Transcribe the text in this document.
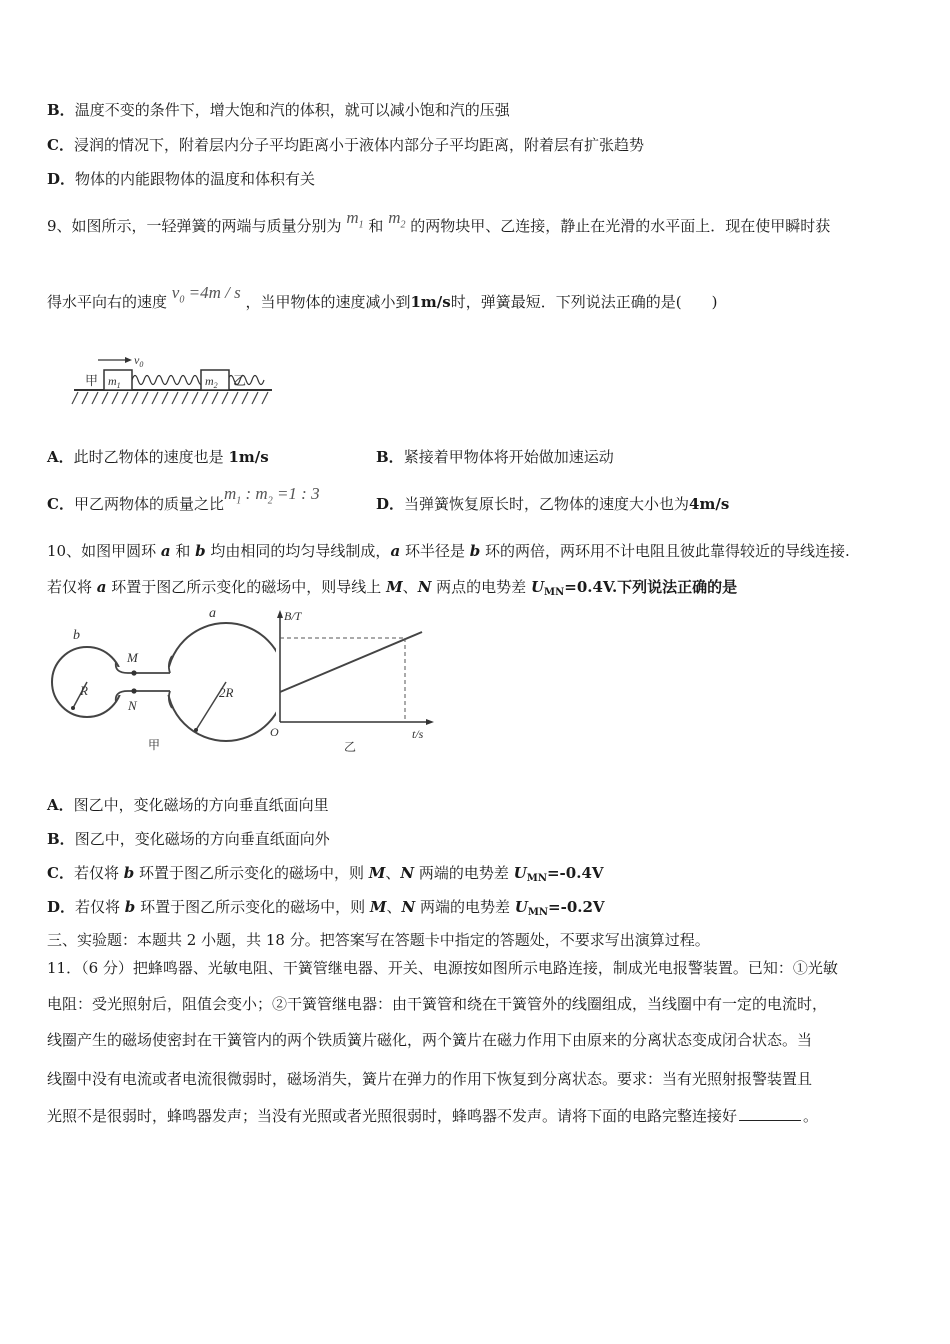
B．温度不变的条件下，增大饱和汽的体积，就可以减小饱和汽的压强
C．浸润的情况下，附着层内分子平均距离小于液体内部分子平均距离，附着层有扩张趋势
D．物体的内能跟物体的温度和体积有关
9、如图所示，一轻弹簧的两端与质量分别为 $m_1$ 和 $m_2$ 的两物块甲、乙连接，静止在光滑的水平面上．现在使甲瞬时获
得水平向右的速度 $v_0 =4m / s$ ，当甲物体的速度减小到1m/s时，弹簧最短．下列说法正确的是(　　)
甲 $m_1$	$m_2$ 乙
$v_0$
A．此时乙物体的速度也是 1m/s	B．紧接着甲物体将开始做加速运动
C．甲乙两物体的质量之比$m_1$ : $m_2 =1$ : 3
D．当弹簧恢复原长时，乙物体的速度大小也为4m/s
10、如图甲圆环 a 和 b 均由相同的均匀导线制成，a 环半径是 b 环的两倍，两环用不计电阻且彼此靠得较近的导线连接.
若仅将 a 环置于图乙所示变化的磁场中，则导线上 M、N 两点的电势差 $U_{MN}=0.4V$.下列说法正确的是
b
a
M
N
R	2R
甲
B/T
t/s
O
乙
A．图乙中，变化磁场的方向垂直纸面向里
B．图乙中，变化磁场的方向垂直纸面向外
C．若仅将 b 环置于图乙所示变化的磁场中，则 M、N 两端的电势差 $U_{MN}=-0.4V$
D．若仅将 b 环置于图乙所示变化的磁场中，则 M、N 两端的电势差 $U_{MN}=-0.2V$
三、实验题：本题共 2 小题，共 18 分。把答案写在答题卡中指定的答题处，不要求写出演算过程。
11．（6 分）把蜂鸣器、光敏电阻、干簧管继电器、开关、电源按如图所示电路连接，制成光电报警装置。已知：①光敏
电阻：受光照射后，阻值会变小；②干簧管继电器：由干簧管和绕在干簧管外的线圈组成，当线圈中有一定的电流时，
线圈产生的磁场使密封在干簧管内的两个铁质簧片磁化，两个簧片在磁力作用下由原来的分离状态变成闭合状态。当
线圈中没有电流或者电流很微弱时，磁场消失，簧片在弹力的作用下恢复到分离状态。要求：当有光照射报警装置且
光照不是很弱时，蜂鸣器发声；当没有光照或者光照很弱时，蜂鸣器不发声。请将下面的电路完整连接好	。
